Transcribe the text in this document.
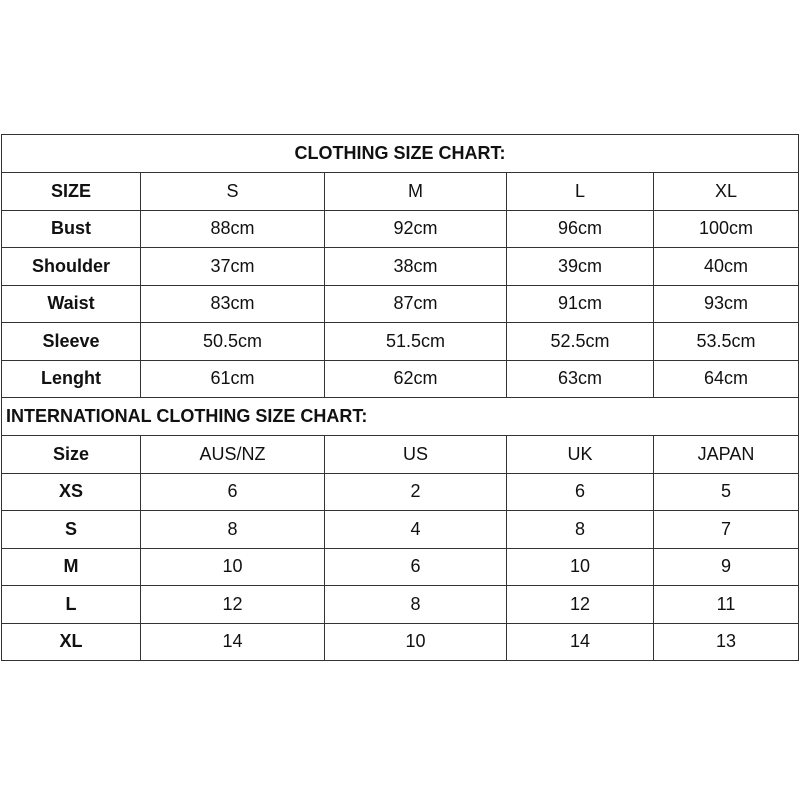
CLOTHING SIZE CHART:				
SIZE	S	M	L	XL
Bust	88cm	92cm	96cm	100cm
Shoulder	37cm	38cm	39cm	40cm
Waist	83cm	87cm	91cm	93cm
Sleeve	50.5cm	51.5cm	52.5cm	53.5cm
Lenght	61cm	62cm	63cm	64cm
INTERNATIONAL CLOTHING SIZE CHART:				
Size	AUS/NZ	US	UK	JAPAN
XS	6	2	6	5
S	8	4	8	7
M	10	6	10	9
L	12	8	12	11
XL	14	10	14	13
